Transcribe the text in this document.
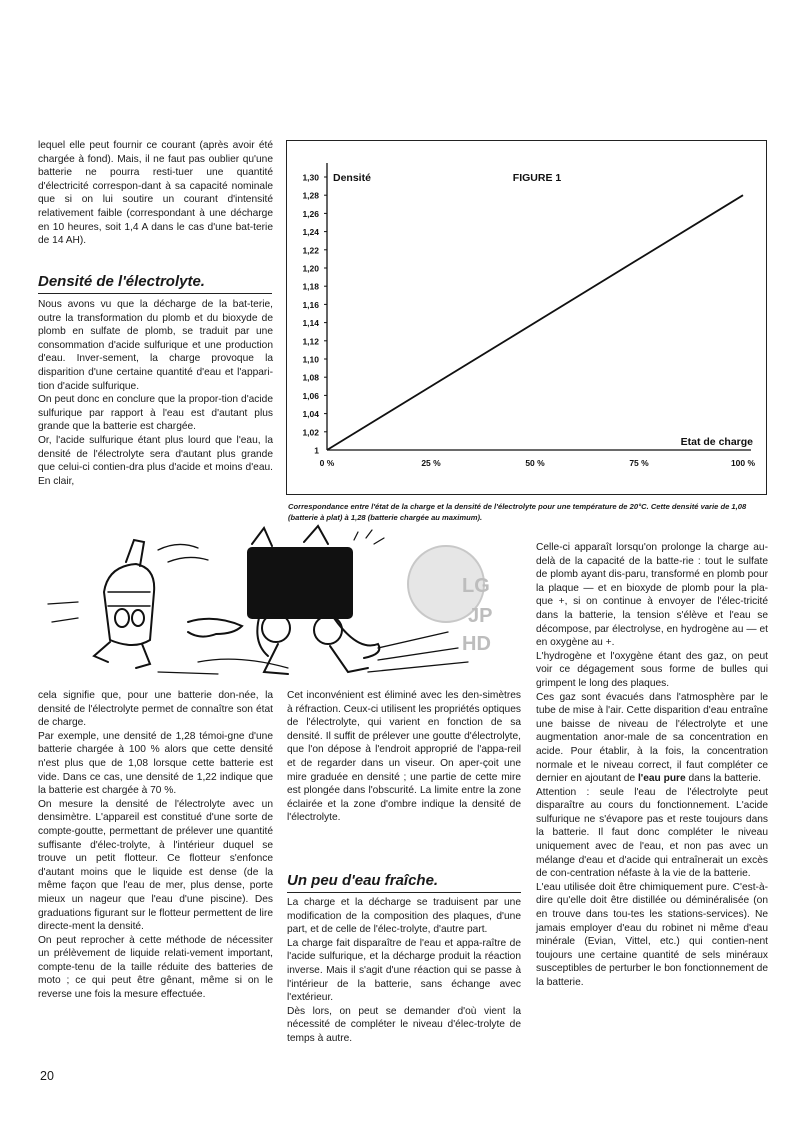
lequel elle peut fournir ce courant (après avoir été chargée à fond). Mais, il ne faut pas oublier qu'une batterie ne pourra resti-tuer une quantité d'électricité correspon-dant à sa capacité nominale que si on lui soutire un courant d'intensité relativement faible (correspondant à une décharge en 10 heures, soit 1,4 A dans le cas d'une bat-terie de 14 AH).

Densité de l'électrolyte.

Nous avons vu que la décharge de la bat-terie, outre la transformation du plomb et du bioxyde de plomb en sulfate de plomb, se traduit par une consommation d'acide sulfurique et une production d'eau. Inver-sement, la charge provoque la disparition d'une certaine quantité d'eau et l'appari-tion d'acide sulfurique.

On peut donc en conclure que la propor-tion d'acide sulfurique par rapport à l'eau est d'autant plus grande que la batterie est chargée.

Or, l'acide sulfurique étant plus lourd que l'eau, la densité de l'électrolyte sera d'autant plus grande que celui-ci contien-dra plus d'acide et moins d'eau. En clair,

1
1,02
1,04
1,06
1,08
1,10
1,12
1,14
1,16
1,18
1,20
1,22
1,24
1,26
1,28
1,30
0 %	25 %	50 %	75 %	100 %
Densité
Etat de charge
FIGURE 1
Correspondance entre l'état de la charge et la densité de l'électrolyte pour une température de 20°C. Cette densité varie de 1,08 (batterie à plat) à 1,28 (batterie chargée au maximum).
LG
JP
HD

cela signifie que, pour une batterie don-née, la densité de l'électrolyte permet de connaître son état de charge.

Par exemple, une densité de 1,28 témoi-gne d'une batterie chargée à 100 % alors que cette densité n'est plus que de 1,08 lorsque cette batterie est vide. Dans ce cas, une densité de 1,22 indique que la batterie est chargée à 70 %.

On mesure la densité de l'électrolyte avec un densimètre. L'appareil est constitué d'une sorte de compte-goutte, permettant de prélever une quantité suffisante d'élec-trolyte, à l'intérieur duquel se trouve un petit flotteur. Ce flotteur s'enfonce d'autant moins que le liquide est dense (de la même façon que l'eau de mer, plus dense, porte mieux un nageur que l'eau d'une piscine). Des graduations figurant sur le flotteur permettent de lire directe-ment la densité.

On peut reprocher à cette méthode de nécessiter un prélèvement de liquide relati-vement important, compte-tenu de la taille réduite des batteries de moto ; ce qui peut être gênant, même si on le reverse une fois la mesure effectuée.

Cet inconvénient est éliminé avec les den-simètres à réfraction. Ceux-ci utilisent les propriétés optiques de l'électrolyte, qui varient en fonction de sa densité. Il suffit de prélever une goutte d'électrolyte, que l'on dépose à l'endroit approprié de l'appa-reil et de regarder dans un viseur. On aper-çoit une mire graduée en densité ; une partie de cette mire est plongée dans l'obscurité. La limite entre la zone éclairée et la zone d'ombre indique la densité de l'électrolyte.

Un peu d'eau fraîche.

La charge et la décharge se traduisent par une modification de la composition des plaques, d'une part, et de celle de l'élec-trolyte, d'autre part.

La charge fait disparaître de l'eau et appa-raître de l'acide sulfurique, et la décharge produit la réaction inverse. Mais il s'agit d'une réaction qui se passe à l'intérieur de la batterie, sans échange avec l'extérieur.

Dès lors, on peut se demander d'où vient la nécessité de compléter le niveau d'élec-trolyte de temps à autre.

Celle-ci apparaît lorsqu'on prolonge la charge au-delà de la capacité de la batte-rie : tout le sulfate de plomb ayant dis-paru, transformé en plomb pour la plaque — et en bioxyde de plomb pour la pla-que +, si on continue à envoyer de l'élec-tricité dans la batterie, la tension s'élève et l'eau se décompose, par électrolyse, en hydrogène au — et en oxygène au +.

L'hydrogène et l'oxygène étant des gaz, on peut voir ce dégagement sous forme de bulles qui grimpent le long des plaques.

Ces gaz sont évacués dans l'atmosphère par le tube de mise à l'air. Cette disparition d'eau entraîne une baisse de niveau de l'électrolyte et une augmentation anor-male de sa concentration en acide. Pour établir, à la fois, la concentration normale et le niveau correct, il faut compléter ce dernier en ajoutant de l'eau pure dans la batterie.

Attention : seule l'eau de l'électrolyte peut disparaître au cours du fonctionnement. L'acide sulfurique ne s'évapore pas et reste toujours dans la batterie. Il faut donc compléter le niveau uniquement avec de l'eau, et non pas avec un mélange d'eau et d'acide qui entraînerait un excès de con-centration néfaste à la vie de la batterie.

L'eau utilisée doit être chimiquement pure. C'est-à-dire qu'elle doit être distillée ou déminéralisée (on en trouve dans tou-tes les stations-services). Ne jamais employer d'eau du robinet ni même d'eau minérale (Evian, Vittel, etc.) qui contien-nent toujours une certaine quantité de sels minéraux susceptibles de perturber le bon fonctionnement de la batterie.

20
